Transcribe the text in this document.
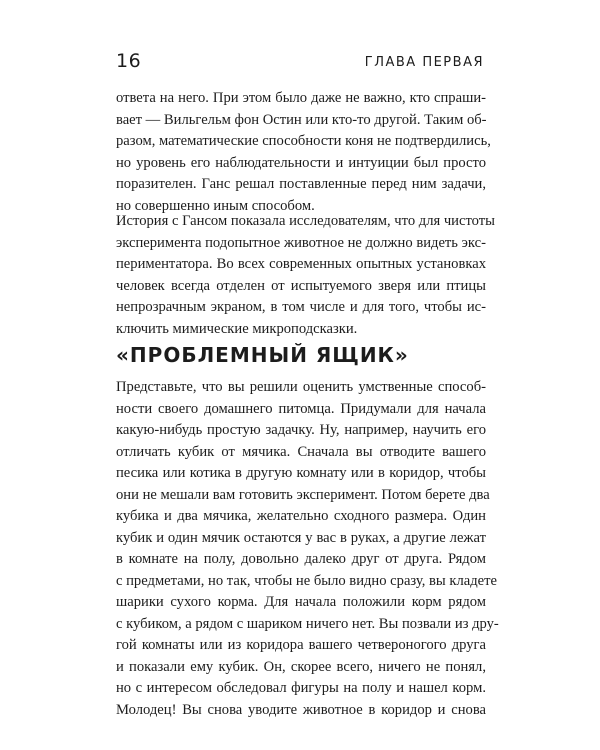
16	ГЛАВА ПЕРВАЯ
ответа на него. При этом было даже не важно, кто спраши-
вает — Вильгельм фон Остин или кто-то другой. Таким об-
разом, математические способности коня не подтвердились,
но уровень его наблюдательности и интуиции был просто
поразителен. Ганс решал поставленные перед ним задачи,
но совершенно иным способом.
История с Гансом показала исследователям, что для чистоты
эксперимента подопытное животное не должно видеть экс-
периментатора. Во всех современных опытных установках
человек всегда отделен от испытуемого зверя или птицы
непрозрачным экраном, в том числе и для того, чтобы ис-
ключить мимические микроподсказки.
«ПРОБЛЕМНЫЙ ЯЩИК»
Представьте, что вы решили оценить умственные способ-
ности своего домашнего питомца. Придумали для начала
какую-нибудь простую задачку. Ну, например, научить его
отличать кубик от мячика. Сначала вы отводите вашего
песика или котика в другую комнату или в коридор, чтобы
они не мешали вам готовить эксперимент. Потом берете два
кубика и два мячика, желательно сходного размера. Один
кубик и один мячик остаются у вас в руках, а другие лежат
в комнате на полу, довольно далеко друг от друга. Рядом
с предметами, но так, чтобы не было видно сразу, вы кладете
шарики сухого корма. Для начала положили корм рядом
с кубиком, а рядом с шариком ничего нет. Вы позвали из дру-
гой комнаты или из коридора вашего четвероногого друга
и показали ему кубик. Он, скорее всего, ничего не понял,
но с интересом обследовал фигуры на полу и нашел корм.
Молодец! Вы снова уводите животное в коридор и снова
